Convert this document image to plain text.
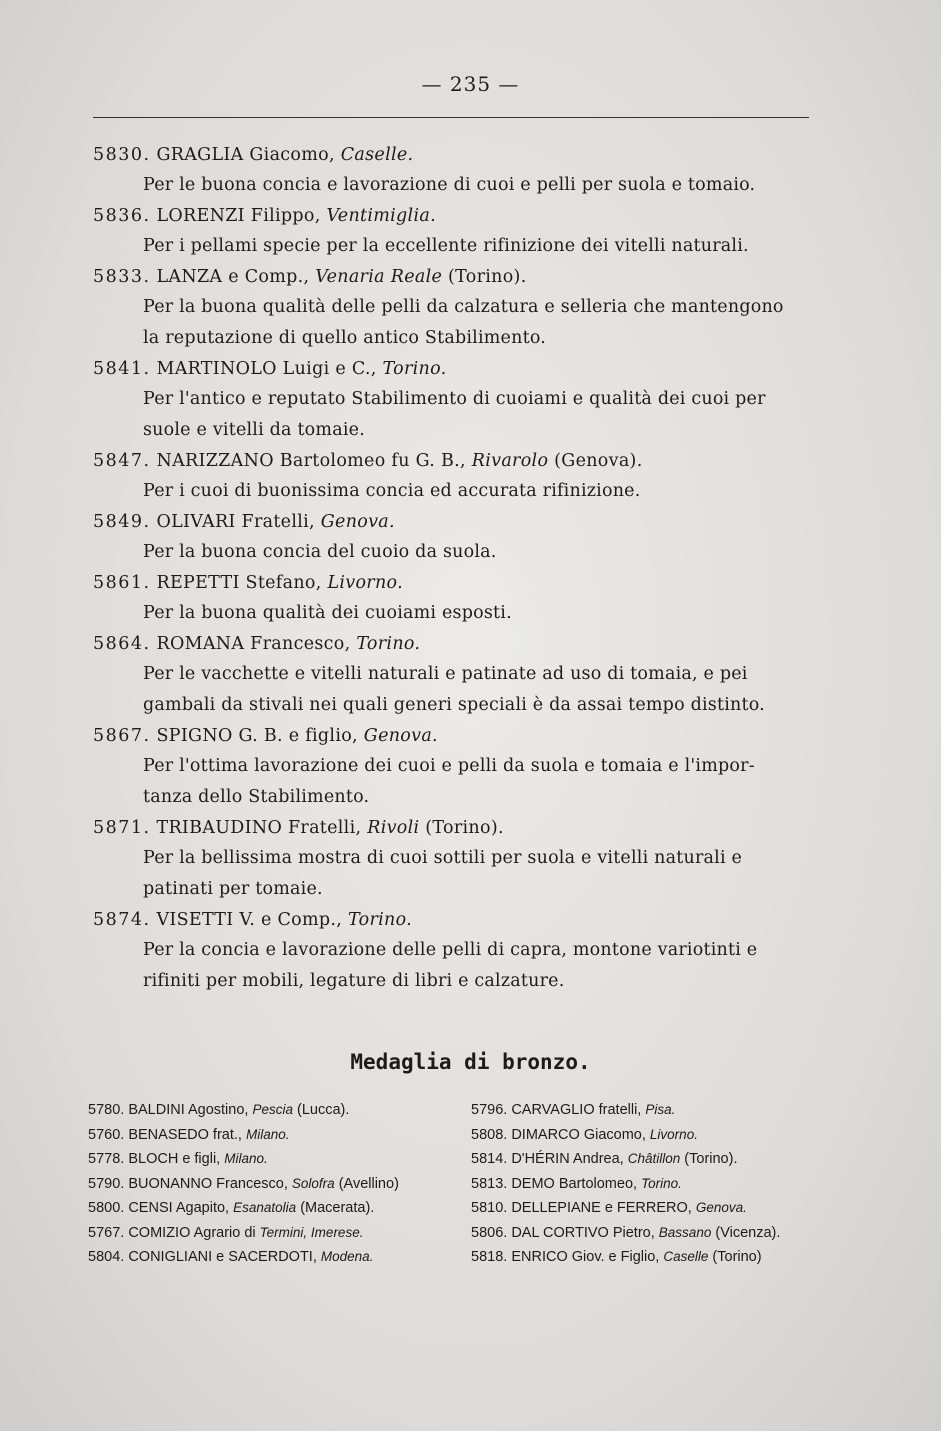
— 235 —
5830. GRAGLIA Giacomo, Caselle.
Per le buona concia e lavorazione di cuoi e pelli per suola e tomaio.
5836. LORENZI Filippo, Ventimiglia.
Per i pellami specie per la eccellente rifinizione dei vitelli naturali.
5833. LANZA e Comp., Venaria Reale (Torino).
Per la buona qualità delle pelli da calzatura e selleria che mantengono
la reputazione di quello antico Stabilimento.
5841. MARTINOLO Luigi e C., Torino.
Per l'antico e reputato Stabilimento di cuoiami e qualità dei cuoi per
suole e vitelli da tomaie.
5847. NARIZZANO Bartolomeo fu G. B., Rivarolo (Genova).
Per i cuoi di buonissima concia ed accurata rifinizione.
5849. OLIVARI Fratelli, Genova.
Per la buona concia del cuoio da suola.
5861. REPETTI Stefano, Livorno.
Per la buona qualità dei cuoiami esposti.
5864. ROMANA Francesco, Torino.
Per le vacchette e vitelli naturali e patinate ad uso di tomaia, e pei
gambali da stivali nei quali generi speciali è da assai tempo distinto.
5867. SPIGNO G. B. e figlio, Genova.
Per l'ottima lavorazione dei cuoi e pelli da suola e tomaia e l'impor-
tanza dello Stabilimento.
5871. TRIBAUDINO Fratelli, Rivoli (Torino).
Per la bellissima mostra di cuoi sottili per suola e vitelli naturali e
patinati per tomaie.
5874. VISETTI V. e Comp., Torino.
Per la concia e lavorazione delle pelli di capra, montone variotinti e
rifiniti per mobili, legature di libri e calzature.
Medaglia di bronzo.
5780. BALDINI Agostino, Pescia (Lucca).
5760. BENASEDO frat., Milano.
5778. BLOCH e figli, Milano.
5790. BUONANNO Francesco, Solofra (Avellino)
5800. CENSI Agapito, Esanatolia (Macerata).
5767. COMIZIO Agrario di Termini, Imerese.
5804. CONIGLIANI e SACERDOTI, Modena.
5796. CARVAGLIO fratelli, Pisa.
5808. DIMARCO Giacomo, Livorno.
5814. D'HÉRIN Andrea, Châtillon (Torino).
5813. DEMO Bartolomeo, Torino.
5810. DELLEPIANE e FERRERO, Genova.
5806. DAL CORTIVO Pietro, Bassano (Vicenza).
5818. ENRICO Giov. e Figlio, Caselle (Torino)
